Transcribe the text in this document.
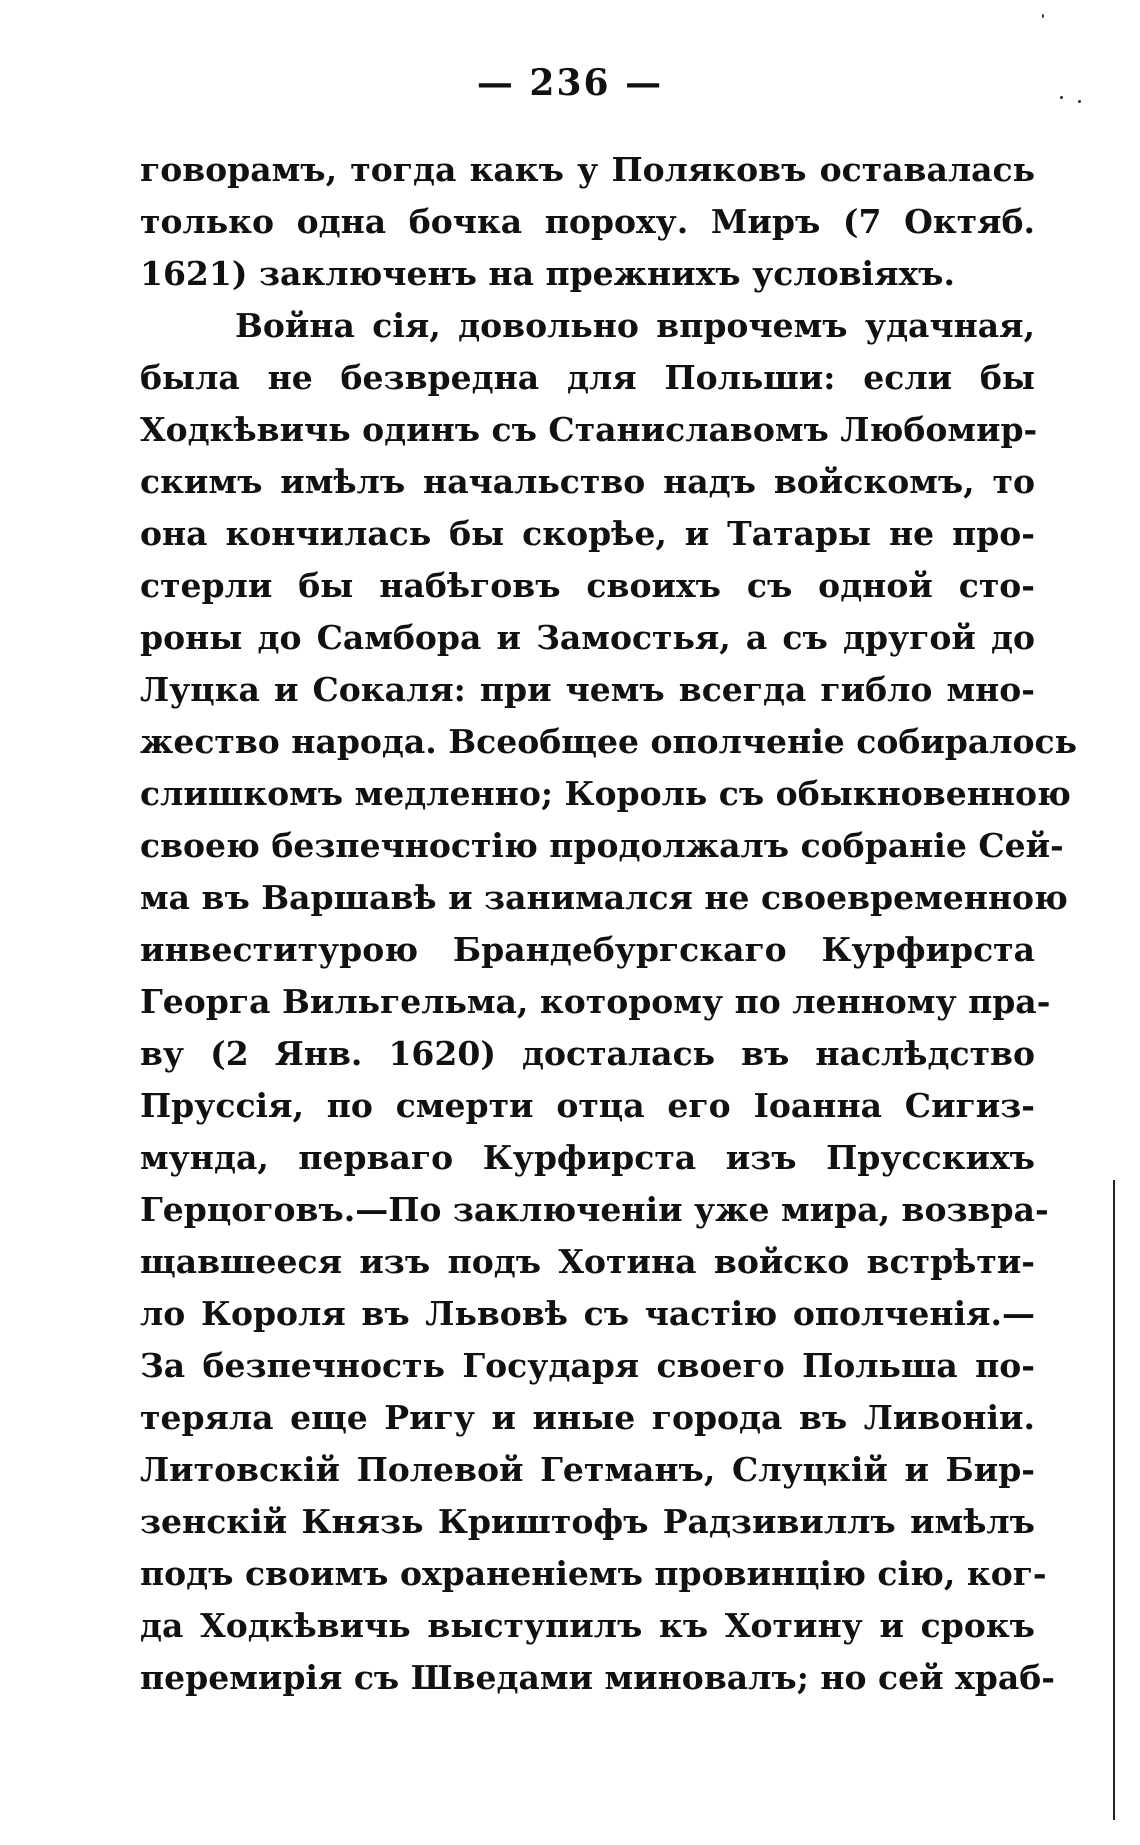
— 236 —
говорамъ, тогда какъ у Поляковъ оставалась
только одна бочка пороху. Миръ (7 Октяб.
1621) заключенъ на прежнихъ условіяхъ.
Война сія, довольно впрочемъ удачная,
была не безвредна для Польши: если бы
Ходкѣвичь одинъ съ Станиславомъ Любомир-
скимъ имѣлъ начальство надъ войскомъ, то
она кончилась бы скорѣе, и Татары не про-
стерли бы набѣговъ своихъ съ одной сто-
роны до Самбора и Замостья, а съ другой до
Луцка и Сокаля: при чемъ всегда гибло мно-
жество народа. Всеобщее ополченіе собиралось
слишкомъ медленно; Король съ обыкновенною
своею безпечностію продолжалъ собраніе Сей-
ма въ Варшавѣ и занимался не своевременною
инвеститурою Брандебургскаго Курфирста
Георга Вильгельма, которому по ленному пра-
ву (2 Янв. 1620) досталась въ наслѣдство
Пруссія, по смерти отца его Іоанна Сигиз-
мунда, перваго Курфирста изъ Прусскихъ
Герцоговъ.—По заключеніи уже мира, возвра-
щавшееся изъ подъ Хотина войско встрѣти-
ло Короля въ Львовѣ съ частію ополченія.—
За безпечность Государя своего Польша по-
теряла еще Ригу и иные города въ Ливоніи.
Литовскій Полевой Гетманъ, Слуцкій и Бир-
зенскій Князь Криштофъ Радзивиллъ имѣлъ
подъ своимъ охраненіемъ провинцію сію, ког-
да Ходкѣвичь выступилъ къ Хотину и срокъ
перемирія съ Шведами миновалъ; но сей храб-
